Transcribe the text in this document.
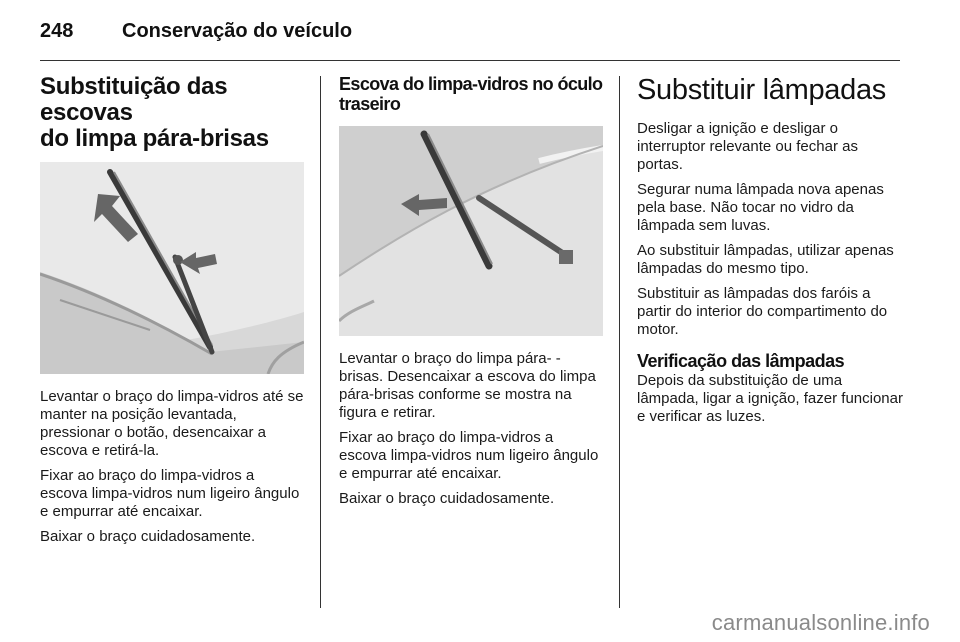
248 Conservação do veículo
Substituição das escovas
do limpa pára-brisas

Levantar o braço do limpa-vidros até se manter na posição levantada, pressionar o botão, desencaixar a escova e retirá-la.

Fixar ao braço do limpa-vidros a escova limpa-vidros num ligeiro ângulo e empurrar até encaixar.

Baixar o braço cuidadosamente.

Escova do limpa-vidros no óculo
traseiro

Levantar o braço do limpa pára- -brisas. Desencaixar a escova do limpa pára-brisas conforme se mostra na figura e retirar.

Fixar ao braço do limpa-vidros a escova limpa-vidros num ligeiro ângulo e empurrar até encaixar.

Baixar o braço cuidadosamente.

Substituir lâmpadas

Desligar a ignição e desligar o interruptor relevante ou fechar as portas.

Segurar numa lâmpada nova apenas pela base. Não tocar no vidro da lâmpada sem luvas.

Ao substituir lâmpadas, utilizar apenas lâmpadas do mesmo tipo.

Substituir as lâmpadas dos faróis a partir do interior do compartimento do motor.

Verificação das lâmpadas

Depois da substituição de uma lâmpada, ligar a ignição, fazer funcionar e verificar as luzes.

carmanualsonline.info
